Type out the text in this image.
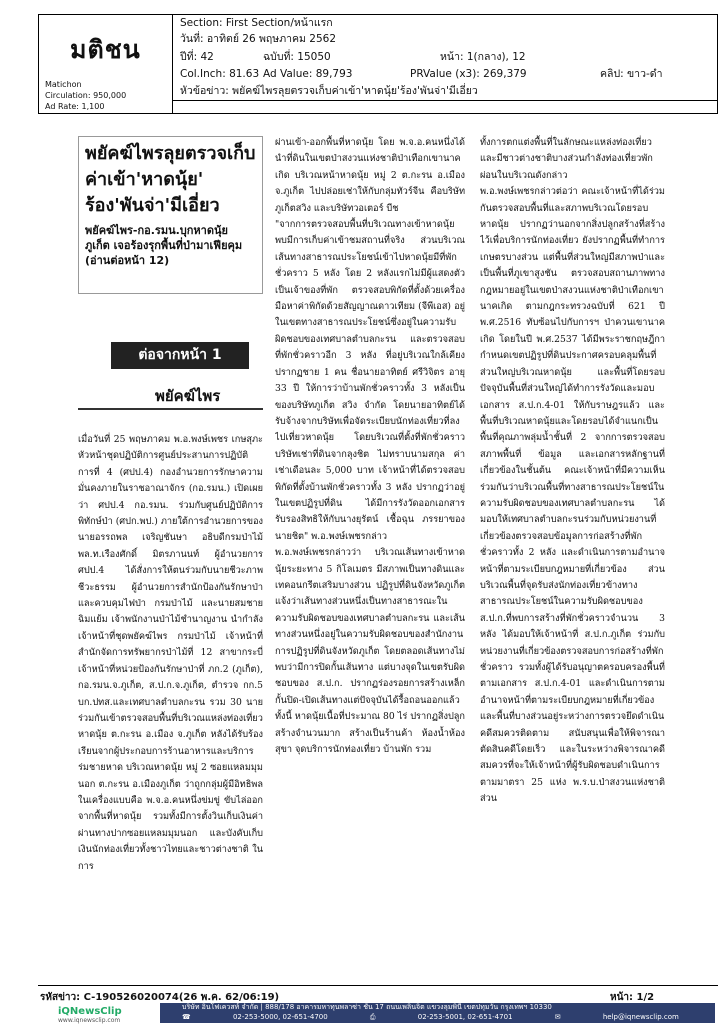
มติชน
Matichon
Circulation: 950,000
Ad Rate: 1,100
Section: First Section/หน้าแรก
วันที่: อาทิตย์ 26 พฤษภาคม 2562
ปีที่: 42	ฉบับที่: 15050	หน้า: 1(กลาง), 12
Col.Inch: 81.63 Ad Value: 89,793	PRValue (x3): 269,379	คลิป: ขาว-ดำ
หัวข้อข่าว: พยัคฆ์ไพรลุยตรวจเก็บค่าเข้า'หาดนุ้ย'ร้อง'พันจ่า'มีเอี่ยว
พยัคฆ์ไพรลุยตรวจเก็บค่าเข้า'หาดนุ้ย' ร้อง'พันจ่า'มีเอี่ยว
พยัคฆ์ไพร-กอ.รมน.บุกหาดนุ้ย ภูเก็ต เจอร้องรุกพื้นที่ป่ามาเฟียคุม (อ่านต่อหน้า 12)
ต่อจากหน้า 1
พยัคฆ์ไพร
เมื่อวันที่ 25 พฤษภาคม พ.อ.พงษ์เพชร เกษสุภะ หัวหน้าชุดปฏิบัติการศูนย์ประสานการปฏิบัติการที่ 4 (ศปป.4) กองอำนวยการรักษาความมั่นคงภายในราชอาณาจักร (กอ.รมน.) เปิดเผยว่า ศปป.4 กอ.รมน. ร่วมกับศูนย์ปฏิบัติการพิทักษ์ป่า (ศปก.พป.) ภายใต้การอำนวยการของนายอรรถพล เจริญชันษา อธิบดีกรมป่าไม้ พล.ท.เรืองศักดิ์ มิตรภานนท์ ผู้อำนวยการ ศปป.4 ได้สั่งการให้ตนร่วมกับนายชีวะภาพ ชีวะธรรม ผู้อำนวยการสำนักป้องกันรักษาป่าและควบคุมไฟป่า กรมป่าไม้ และนายสมชาย ฉิมแย้ม เจ้าพนักงานป่าไม้ชำนาญงาน นำกำลังเจ้าหน้าที่ชุดพยัคฆ์ไพร กรมป่าไม้ เจ้าหน้าที่สำนักจัดการทรัพยากรป่าไม้ที่ 12 สาขากระบี่ เจ้าหน้าที่หน่วยป้องกันรักษาป่าที่ ภก.2 (ภูเก็ต), กอ.รมน.จ.ภูเก็ต, ส.ป.ก.จ.ภูเก็ต, ตำรวจ กก.5 บก.ปทส.และเทศบาลตำบลกะรน รวม 30 นาย ร่วมกันเข้าตรวจสอบพื้นที่บริเวณแหล่งท่องเที่ยวหาดนุ้ย ต.กะรน อ.เมือง จ.ภูเก็ต หลังได้รับร้องเรียนจากผู้ประกอบการร้านอาหารและบริการร่มชายหาด บริเวณหาดนุ้ย หมู่ 2 ซอยแหลมมุมนอก ต.กะรน อ.เมืองภูเก็ต ว่าถูกกลุ่มผู้มีอิทธิพลในเครื่องแบบคือ พ.จ.อ.คนหนึ่งข่มขู่ ขับไล่ออกจากพื้นที่หาดนุ้ย รวมทั้งมีการตั้งวินเก็บเงินค่าผ่านทางปากซอยแหลมมุมนอก และบังคับเก็บเงินนักท่องเที่ยวทั้งชาวไทยและชาวต่างชาติ ในการ
ผ่านเข้า-ออกพื้นที่หาดนุ้ย โดย พ.จ.อ.คนหนึ่งได้นำที่ดินในเขตป่าสงวนแห่งชาติป่าเทือกเขานาคเกิด บริเวณหน้าหาดนุ้ย หมู่ 2 ต.กะรน อ.เมือง จ.ภูเก็ต ไปปล่อยเช่าให้กับกลุ่มทัวร์จีน คือบริษัทภูเก็ตสวิง และบริษัทวอเตอร์ บีช
"จากการตรวจสอบพื้นที่บริเวณทางเข้าหาดนุ้ยพบมีการเก็บค่าเข้าชมสถานที่จริง ส่วนบริเวณเส้นทางสาธารณประโยชน์เข้าไปหาดนุ้ยมีที่พักชั่วคราว 5 หลัง โดย 2 หลังแรกไม่มีผู้แสดงตัวเป็นเจ้าของที่พัก ตรวจสอบพิกัดที่ตั้งด้วยเครื่องมือหาค่าพิกัดด้วยสัญญาณดาวเทียม (จีพีเอส) อยู่ในเขตทางสาธารณประโยชน์ซึ่งอยู่ในความรับผิดชอบของเทศบาลตำบลกะรน และตรวจสอบที่พักชั่วคราวอีก 3 หลัง ที่อยู่บริเวณใกล้เคียง ปรากฏชาย 1 คน ชื่อนายอาทิตย์ ศรีวิจิตร อายุ 33 ปี ให้การว่าบ้านพักชั่วคราวทั้ง 3 หลังเป็นของบริษัทภูเก็ต สวิง จำกัด โดยนายอาทิตย์ได้รับจ้างจากบริษัทเพื่อจัดระเบียบนักท่องเที่ยวที่ลงไปเที่ยวหาดนุ้ย โดยบริเวณที่ตั้งที่พักชั่วคราว บริษัทเช่าที่ดินจากลุงชิต ไม่ทราบนามสกุล ค่าเช่าเดือนละ 5,000 บาท เจ้าหน้าที่ได้ตรวจสอบพิกัดที่ตั้งบ้านพักชั่วคราวทั้ง 3 หลัง ปรากฏว่าอยู่ในเขตปฏิรูปที่ดิน ได้มีการรังวัดออกเอกสารรับรองสิทธิให้กับนางยุรัตน์ เชื้อฉุน ภรรยาของนายชิต" พ.อ.พงษ์เพชรกล่าว
พ.อ.พงษ์เพชรกล่าวว่า บริเวณเส้นทางเข้าหาดนุ้ยระยะทาง 5 กิโลเมตร มีสภาพเป็นทางดินและเทคอนกรีตเสริมบางส่วน ปฏิรูปที่ดินจังหวัดภูเก็ตแจ้งว่าเส้นทางส่วนหนึ่งเป็นทางสาธารณะในความรับผิดชอบของเทศบาลตำบลกะรน และเส้นทางส่วนหนึ่งอยู่ในความรับผิดชอบของสำนักงานการปฏิรูปที่ดินจังหวัดภูเก็ต โดยตลอดเส้นทางไม่พบว่ามีการปิดกั้นเส้นทาง แต่บางจุดในเขตรับผิดชอบของ ส.ป.ก. ปรากฏร่องรอยการสร้างเหล็กกั้นปิด-เปิดเส้นทางแต่ปัจจุบันได้รื้อถอนออกแล้ว ทั้งนี้ หาดนุ้ยเนื้อที่ประมาณ 80 ไร่ ปรากฏสิ่งปลูกสร้างจำนวนมาก สร้างเป็นร้านค้า ห้องน้ำห้องสุขา จุดบริการนักท่องเที่ยว บ้านพัก รวม
ทั้งการตกแต่งพื้นที่ในลักษณะแหล่งท่องเที่ยว และมีชาวต่างชาติบางส่วนกำลังท่องเที่ยวพักผ่อนในบริเวณดังกล่าว
พ.อ.พงษ์เพชรกล่าวต่อว่า คณะเจ้าหน้าที่ได้ร่วมกันตรวจสอบพื้นที่และสภาพบริเวณโดยรอบหาดนุ้ย ปรากฏว่านอกจากสิ่งปลูกสร้างที่สร้างไว้เพื่อบริการนักท่องเที่ยว ยังปรากฏพื้นที่ทำการเกษตรบางส่วน แต่พื้นที่ส่วนใหญ่มีสภาพป่าและเป็นพื้นที่ภูเขาสูงชัน ตรวจสอบสถานภาพทางกฎหมายอยู่ในเขตป่าสงวนแห่งชาติป่าเทือกเขานาคเกิด ตามกฎกระทรวงฉบับที่ 621 ปี พ.ศ.2516 ทับซ้อนไปกับการฯ ป่าควนเขานาคเกิด โดยในปี พ.ศ.2537 ได้มีพระราชกฤษฎีกากำหนดเขตปฏิรูปที่ดินประกาศครอบคลุมพื้นที่ส่วนใหญ่บริเวณหาดนุ้ย และพื้นที่โดยรอบปัจจุบันพื้นที่ส่วนใหญ่ได้ทำการรังวัดและมอบเอกสาร ส.ป.ก.4-01 ให้กับราษฎรแล้ว และพื้นที่บริเวณหาดนุ้ยและโดยรอบได้จำแนกเป็นพื้นที่คุณภาพลุ่มน้ำชั้นที่ 2 จากการตรวจสอบสภาพพื้นที่ ข้อมูล และเอกสารหลักฐานที่เกี่ยวข้องในชั้นต้น คณะเจ้าหน้าที่มีความเห็นร่วมกันว่าบริเวณพื้นที่ทางสาธารณประโยชน์ในความรับผิดชอบของเทศบาลตำบลกะรน ได้มอบให้เทศบาลตำบลกะรนร่วมกับหน่วยงานที่เกี่ยวข้องตรวจสอบข้อมูลการก่อสร้างที่พักชั่วคราวทั้ง 2 หลัง และดำเนินการตามอำนาจหน้าที่ตามระเบียบกฎหมายที่เกี่ยวข้อง ส่วนบริเวณพื้นที่จุดรับส่งนักท่องเที่ยวข้างทางสาธารณประโยชน์ในความรับผิดชอบของ ส.ป.ก.ที่พบการสร้างที่พักชั่วคราวจำนวน 3 หลัง ได้มอบให้เจ้าหน้าที่ ส.ป.ก.ภูเก็ต ร่วมกับหน่วยงานที่เกี่ยวข้องตรวจสอบการก่อสร้างที่พักชั่วคราว รวมทั้งผู้ได้รับอนุญาตครอบครองพื้นที่ตามเอกสาร ส.ป.ก.4-01 และดำเนินการตามอำนาจหน้าที่ตามระเบียบกฎหมายที่เกี่ยวข้องและพื้นที่บางส่วนอยู่ระหว่างการตรวจยึดดำเนินคดีสมควรติดตาม สนับสนุนเพื่อให้พิจารณาตัดสินคดีโดยเร็ว และในระหว่างพิจารณาคดีสมควรที่จะให้เจ้าหน้าที่ผู้รับผิดชอบดำเนินการตามมาตรา 25 แห่ง พ.ร.บ.ป่าสงวนแห่งชาติ ส่วน
รหัสข่าว: C-190526020074(26 พ.ค. 62/06:19)	หน้า: 1/2
iQNewsClip
www.iqnewsclip.com
บริษัท อินโฟเควสท์ จำกัด | 888/178 อาคารมหาทุนพลาซ่า ชั้น 17 ถนนเพลินจิต แขวงลุมพินี เขตปทุมวัน กรุงเทพฯ 10330
☎	02-253-5000, 02-651-4700	⎙	02-253-5001, 02-651-4701	✉	help@iqnewsclip.com
